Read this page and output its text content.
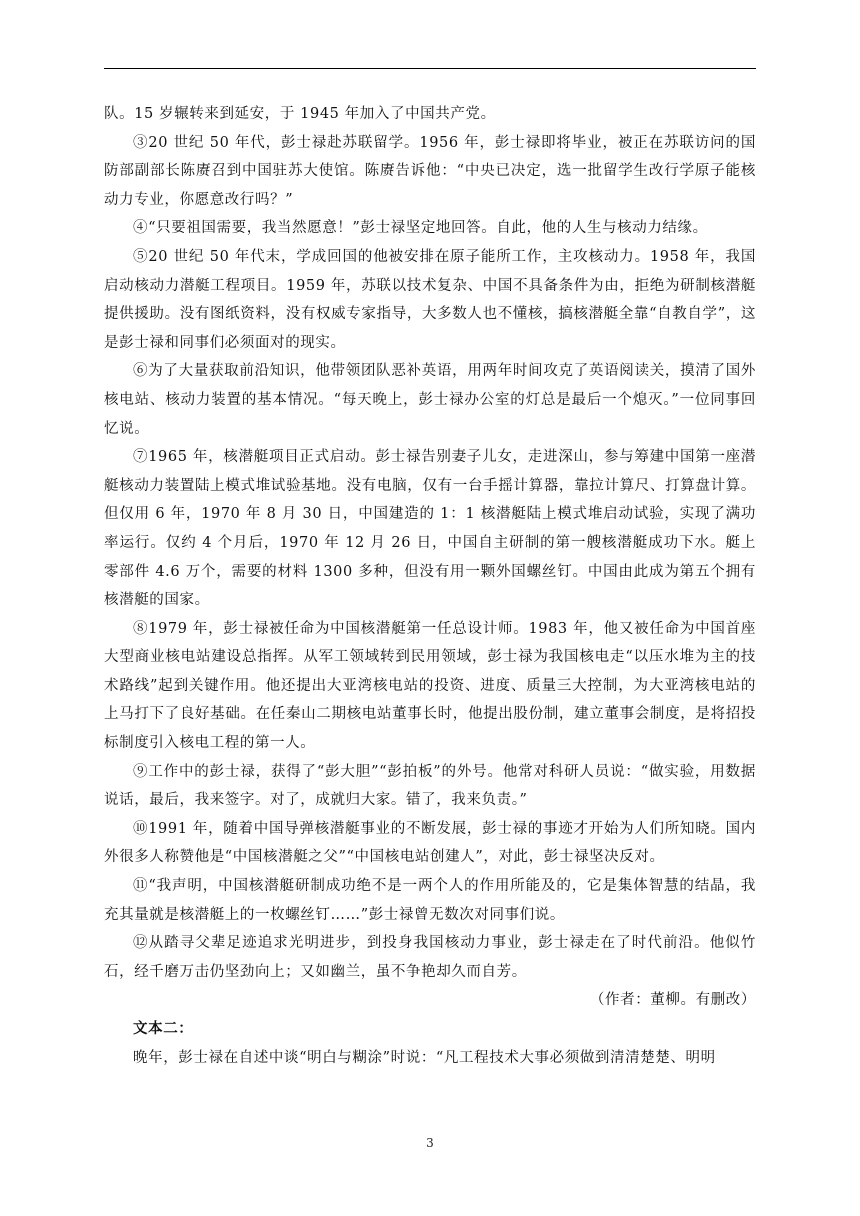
队。15 岁辗转来到延安，于 1945 年加入了中国共产党。

③20 世纪 50 年代，彭士禄赴苏联留学。1956 年，彭士禄即将毕业，被正在苏联访问的国防部副部长陈赓召到中国驻苏大使馆。陈赓告诉他：“中央已决定，选一批留学生改行学原子能核动力专业，你愿意改行吗？”

④“只要祖国需要，我当然愿意！”彭士禄坚定地回答。自此，他的人生与核动力结缘。

⑤20 世纪 50 年代末，学成回国的他被安排在原子能所工作，主攻核动力。1958 年，我国启动核动力潜艇工程项目。1959 年，苏联以技术复杂、中国不具备条件为由，拒绝为研制核潜艇提供援助。没有图纸资料，没有权威专家指导，大多数人也不懂核，搞核潜艇全靠“自教自学”，这是彭士禄和同事们必须面对的现实。

⑥为了大量获取前沿知识，他带领团队恶补英语，用两年时间攻克了英语阅读关，摸清了国外核电站、核动力装置的基本情况。“每天晚上，彭士禄办公室的灯总是最后一个熄灭。”一位同事回忆说。

⑦1965 年，核潜艇项目正式启动。彭士禄告别妻子儿女，走进深山，参与筹建中国第一座潜艇核动力装置陆上模式堆试验基地。没有电脑，仅有一台手摇计算器，靠拉计算尺、打算盘计算。但仅用 6 年，1970 年 8 月 30 日，中国建造的 1：1 核潜艇陆上模式堆启动试验，实现了满功率运行。仅约 4 个月后，1970 年 12 月 26 日，中国自主研制的第一艘核潜艇成功下水。艇上零部件 4.6 万个，需要的材料 1300 多种，但没有用一颗外国螺丝钉。中国由此成为第五个拥有核潜艇的国家。

⑧1979 年，彭士禄被任命为中国核潜艇第一任总设计师。1983 年，他又被任命为中国首座大型商业核电站建设总指挥。从军工领域转到民用领域，彭士禄为我国核电走“以压水堆为主的技术路线”起到关键作用。他还提出大亚湾核电站的投资、进度、质量三大控制，为大亚湾核电站的上马打下了良好基础。在任秦山二期核电站董事长时，他提出股份制，建立董事会制度，是将招投标制度引入核电工程的第一人。

⑨工作中的彭士禄，获得了“彭大胆”“彭拍板”的外号。他常对科研人员说：“做实验，用数据说话，最后，我来签字。对了，成就归大家。错了，我来负责。”

⑩1991 年，随着中国导弹核潜艇事业的不断发展，彭士禄的事迹才开始为人们所知晓。国内外很多人称赞他是“中国核潜艇之父”“中国核电站创建人”，对此，彭士禄坚决反对。

⑪“我声明，中国核潜艇研制成功绝不是一两个人的作用所能及的，它是集体智慧的结晶，我充其量就是核潜艇上的一枚螺丝钉……”彭士禄曾无数次对同事们说。

⑫从踏寻父辈足迹追求光明进步，到投身我国核动力事业，彭士禄走在了时代前沿。他似竹石，经千磨万击仍坚劲向上；又如幽兰，虽不争艳却久而自芳。

（作者：董柳。有删改）

文本二：

晚年，彭士禄在自述中谈“明白与糊涂”时说：“凡工程技术大事必须做到清清楚楚、明明

3
